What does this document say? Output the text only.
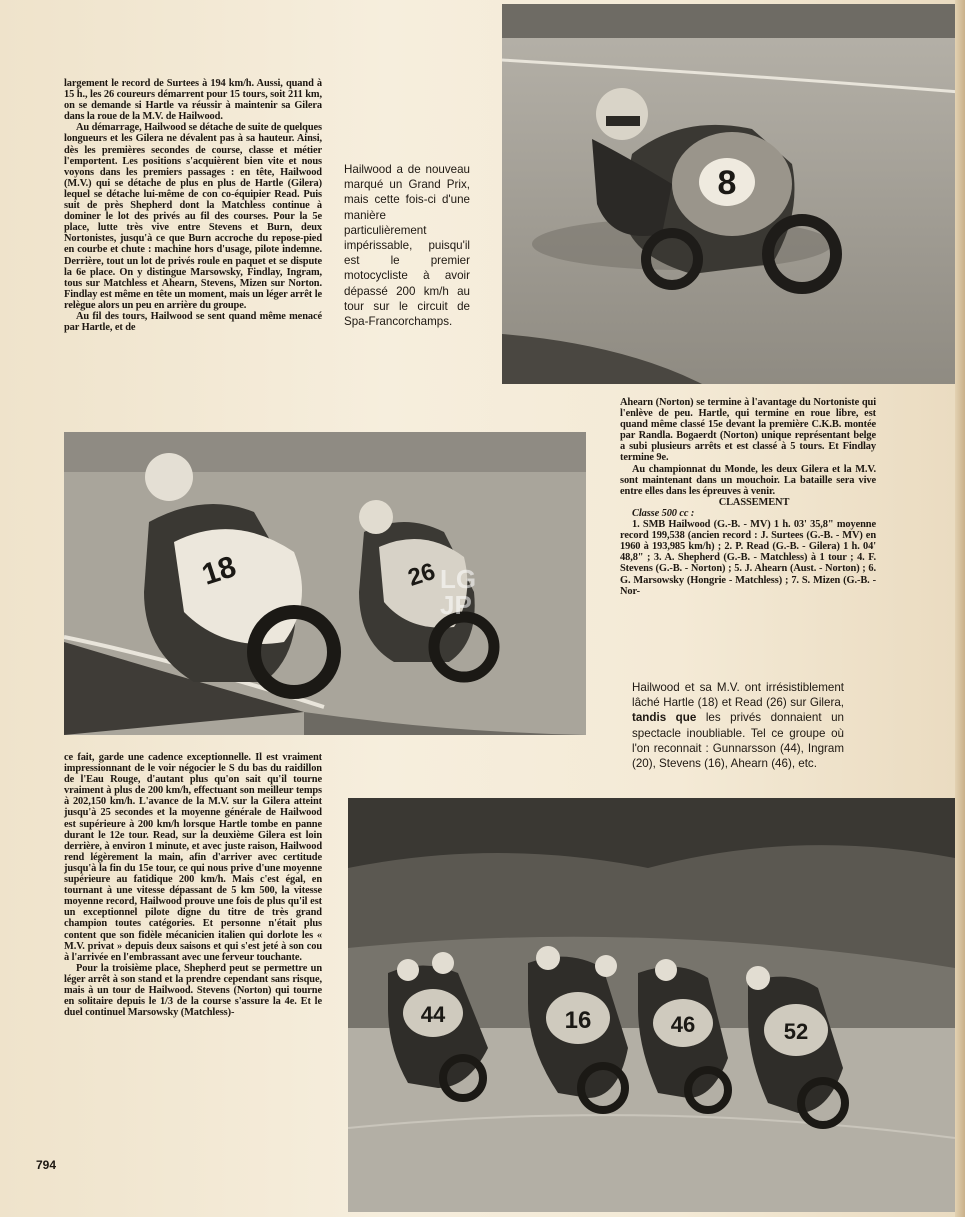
largement le record de Surtees à 194 km/h. Aussi, quand à 15 h., les 26 coureurs démarrent pour 15 tours, soit 211 km, on se demande si Hartle va réussir à maintenir sa Gilera dans la roue de la M.V. de Hailwood.

Au démarrage, Hailwood se détache de suite de quelques longueurs et les Gilera ne dévalent pas à sa hauteur. Ainsi, dès les premières secondes de course, classe et métier l'emportent. Les positions s'acquièrent bien vite et nous voyons dans les premiers passages : en tête, Hailwood (M.V.) qui se détache de plus en plus de Hartle (Gilera) lequel se détache lui-même de con co-équipier Read. Puis suit de près Shepherd dont la Matchless continue à dominer le lot des privés au fil des courses. Pour la 5e place, lutte très vive entre Stevens et Burn, deux Nortonistes, jusqu'à ce que Burn accroche du repose-pied en courbe et chute : machine hors d'usage, pilote indemne. Derrière, tout un lot de privés roule en paquet et se dispute la 6e place. On y distingue Marsowsky, Findlay, Ingram, tous sur Matchless et Ahearn, Stevens, Mizen sur Norton. Findlay est même en tête un moment, mais un léger arrêt le relègue alors un peu en arrière du groupe.

Au fil des tours, Hailwood se sent quand même menacé par Hartle, et de

Hailwood a de nouveau marqué un Grand Prix, mais cette fois-ci d'une manière particulièrement impérissable, puisqu'il est le premier motocycliste à avoir dépassé 200 km/h au tour sur le circuit de Spa-Francorchamps.
8
18	26 LG
JP

Ahearn (Norton) se termine à l'avantage du Nortoniste qui l'enlève de peu. Hartle, qui termine en roue libre, est quand même classé 15e devant la première C.K.B. montée par Randla. Bogaerdt (Norton) unique représentant belge a subi plusieurs arrêts et est classé à 5 tours. Et Findlay termine 9e.

Au championnat du Monde, les deux Gilera et la M.V. sont maintenant dans un mouchoir. La bataille sera vive entre elles dans les épreuves à venir.

CLASSEMENT

Classe 500 cc :

1. SMB Hailwood (G.-B. - MV) 1 h. 03' 35,8" moyenne record 199,538 (ancien record : J. Surtees (G.-B. - MV) en 1960 à 193,985 km/h) ; 2. P. Read (G.-B. - Gilera) 1 h. 04' 48,8" ; 3. A. Shepherd (G.-B. - Matchless) à 1 tour ; 4. F. Stevens (G.-B. - Norton) ; 5. J. Ahearn (Aust. - Norton) ; 6. G. Marsowsky (Hongrie - Matchless) ; 7. S. Mizen (G.-B. - Nor-

Hailwood et sa M.V. ont irrésistiblement lâché Hartle (18) et Read (26) sur Gilera, tandis que les privés donnaient un spectacle inoubliable. Tel ce groupe où l'on reconnait : Gunnarsson (44), Ingram (20), Stevens (16), Ahearn (46), etc.

ce fait, garde une cadence exceptionnelle. Il est vraiment impressionnant de le voir négocier le S du bas du raidillon de l'Eau Rouge, d'autant plus qu'on sait qu'il tourne vraiment à plus de 200 km/h, effectuant son meilleur temps à 202,150 km/h. L'avance de la M.V. sur la Gilera atteint jusqu'à 25 secondes et la moyenne générale de Hailwood est supérieure à 200 km/h lorsque Hartle tombe en panne durant le 12e tour. Read, sur la deuxième Gilera est loin derrière, à environ 1 minute, et avec juste raison, Hailwood rend légèrement la main, afin d'arriver avec certitude jusqu'à la fin du 15e tour, ce qui nous prive d'une moyenne supérieure au fatidique 200 km/h. Mais c'est égal, en tournant à une vitesse dépassant de 5 km 500, la vitesse moyenne record, Hailwood prouve une fois de plus qu'il est un exceptionnel pilote digne du titre de très grand champion toutes catégories. Et personne n'était plus content que son fidèle mécanicien italien qui dorlote les « M.V. privat » depuis deux saisons et qui s'est jeté à son cou à l'arrivée en l'embrassant avec une ferveur touchante.

Pour la troisième place, Shepherd peut se permettre un léger arrêt à son stand et la prendre cependant sans risque, mais à un tour de Hailwood. Stevens (Norton) qui tourne en solitaire depuis le 1/3 de la course s'assure la 4e. Et le duel continuel Marsowsky (Matchless)-	44	16	46	52
794
